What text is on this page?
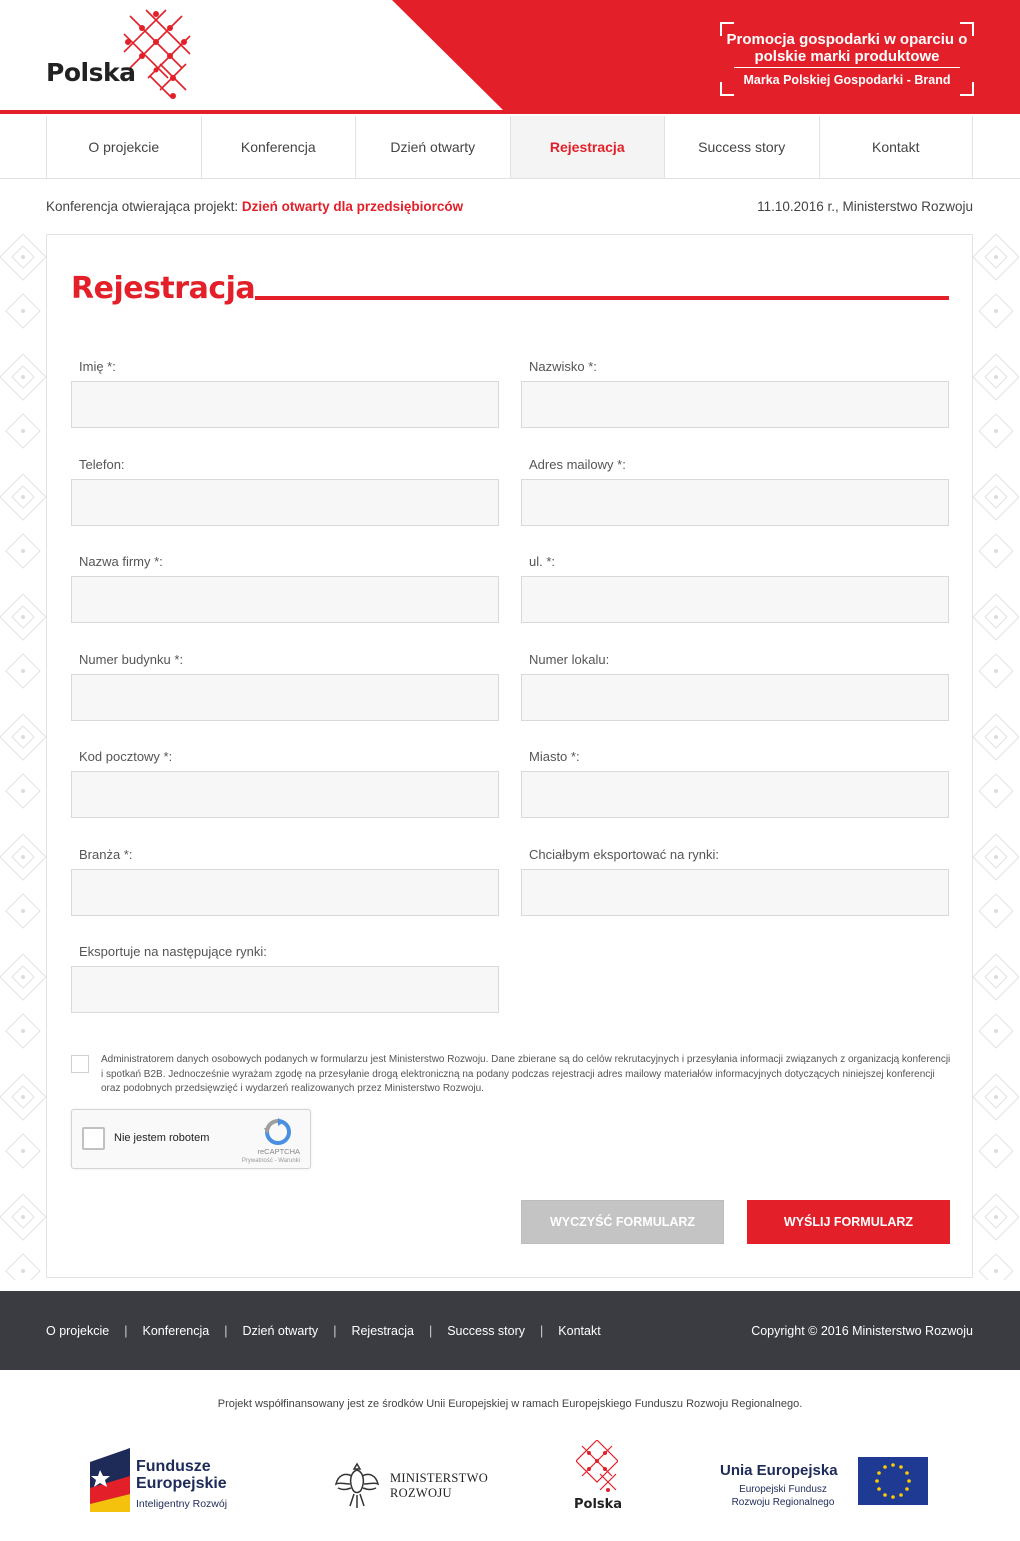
Polska
Promocja gospodarki w oparciu o polskie marki produktowe
Marka Polskiej Gospodarki - Brand
O projekcie	Konferencja	Dzień otwarty	Rejestracja	Success story	Kontakt
Konferencja otwierająca projekt: Dzień otwarty dla przedsiębiorców	11.10.2016 r., Ministerstwo Rozwoju
Rejestracja
Imię *:	Nazwisko *:
Telefon:	Adres mailowy *:
Nazwa firmy *:	ul. *:
Numer budynku *:	Numer lokalu:
Kod pocztowy *:	Miasto *:
Branża *:	Chciałbym eksportować na rynki:
Eksportuje na następujące rynki:
Administratorem danych osobowych podanych w formularzu jest Ministerstwo Rozwoju. Dane zbierane są do celów rekrutacyjnych i przesyłania informacji związanych z organizacją konferencji i spotkań B2B. Jednocześnie wyrażam zgodę na przesyłanie drogą elektroniczną na podany podczas rejestracji adres mailowy materiałów informacyjnych dotyczących niniejszej konferencji oraz podobnych przedsięwzięć i wydarzeń realizowanych przez Ministerstwo Rozwoju.
Nie jestem robotem
reCAPTCHA
Prywatność - Warunki
WYCZYŚĆ FORMULARZ	WYŚLIJ FORMULARZ
O projekcie | Konferencja | Dzień otwarty | Rejestracja | Success story | Kontakt	Copyright © 2016 Ministerstwo Rozwoju
Projekt współfinansowany jest ze środków Unii Europejskiej w ramach Europejskiego Funduszu Rozwoju Regionalnego.
Fundusze
Europejskie
Inteligentny Rozwój
MINISTERSTWO
ROZWOJU
Polska
Unia Europejska
Europejski Fundusz
Rozwoju Regionalnego
